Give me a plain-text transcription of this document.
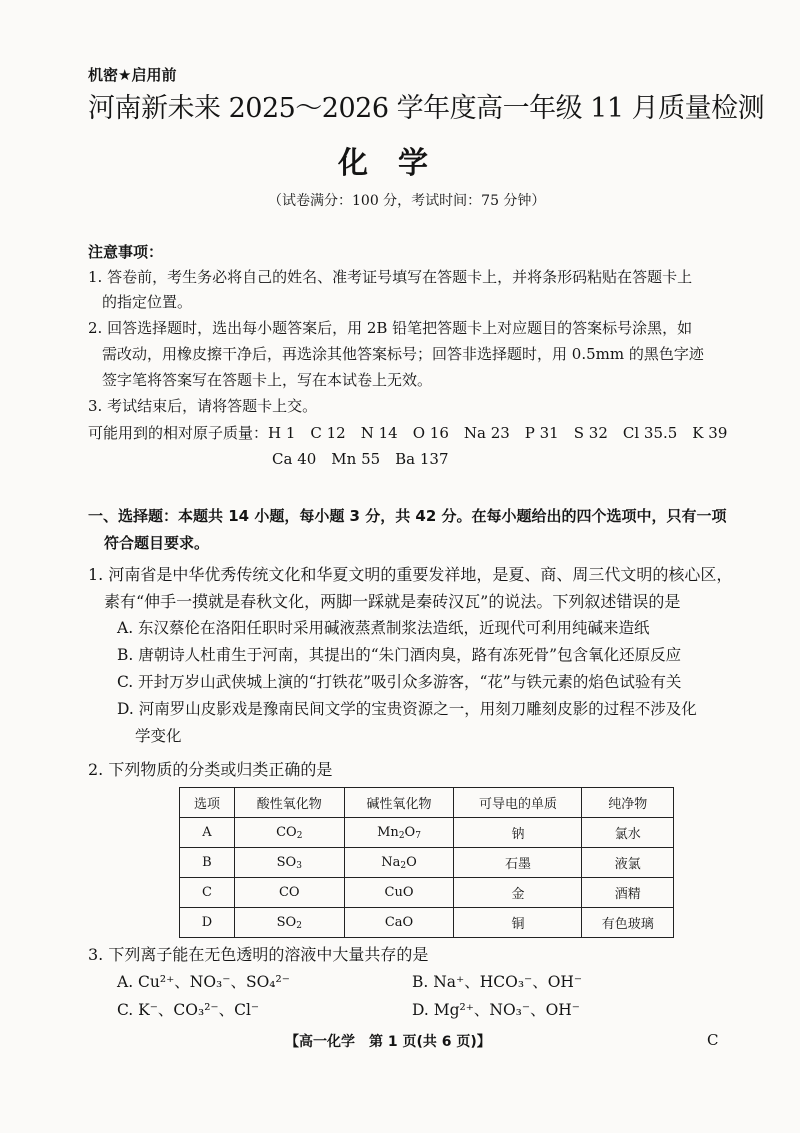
机密★启用前
河南新未来 2025～2026 学年度高一年级 11 月质量检测
化　学
（试卷满分：100 分，考试时间：75 分钟）
注意事项：
1. 答卷前，考生务必将自己的姓名、准考证号填写在答题卡上，并将条形码粘贴在答题卡上
的指定位置。
2. 回答选择题时，选出每小题答案后，用 2B 铅笔把答题卡上对应题目的答案标号涂黑，如
需改动，用橡皮擦干净后，再选涂其他答案标号；回答非选择题时，用 0.5mm 的黑色字迹
签字笔将答案写在答题卡上，写在本试卷上无效。
3. 考试结束后，请将答题卡上交。
可能用到的相对原子质量：H 1　C 12　N 14　O 16　Na 23　P 31　S 32　Cl 35.5　K 39
Ca 40　Mn 55　Ba 137
一、选择题：本题共 14 小题，每小题 3 分，共 42 分。在每小题给出的四个选项中，只有一项
符合题目要求。
1. 河南省是中华优秀传统文化和华夏文明的重要发祥地，是夏、商、周三代文明的核心区，
素有“伸手一摸就是春秋文化，两脚一踩就是秦砖汉瓦”的说法。下列叙述错误的是
A. 东汉蔡伦在洛阳任职时采用碱液蒸煮制浆法造纸，近现代可利用纯碱来造纸
B. 唐朝诗人杜甫生于河南，其提出的“朱门酒肉臭，路有冻死骨”包含氧化还原反应
C. 开封万岁山武侠城上演的“打铁花”吸引众多游客，“花”与铁元素的焰色试验有关
D. 河南罗山皮影戏是豫南民间文学的宝贵资源之一，用刻刀雕刻皮影的过程不涉及化
学变化
2. 下列物质的分类或归类正确的是
选项	酸性氧化物	碱性氧化物	可导电的单质	纯净物
A	CO2	Mn2O7	钠	氯水
B	SO3	Na2O	石墨	液氯
C	CO	CuO	金	酒精
D	SO2	CaO	铜	有色玻璃
3. 下列离子能在无色透明的溶液中大量共存的是
A. Cu²⁺、NO₃⁻、SO₄²⁻	B. Na⁺、HCO₃⁻、OH⁻
C. K⁻、CO₃²⁻、Cl⁻	D. Mg²⁺、NO₃⁻、OH⁻
【高一化学　第 1 页(共 6 页)】	C
